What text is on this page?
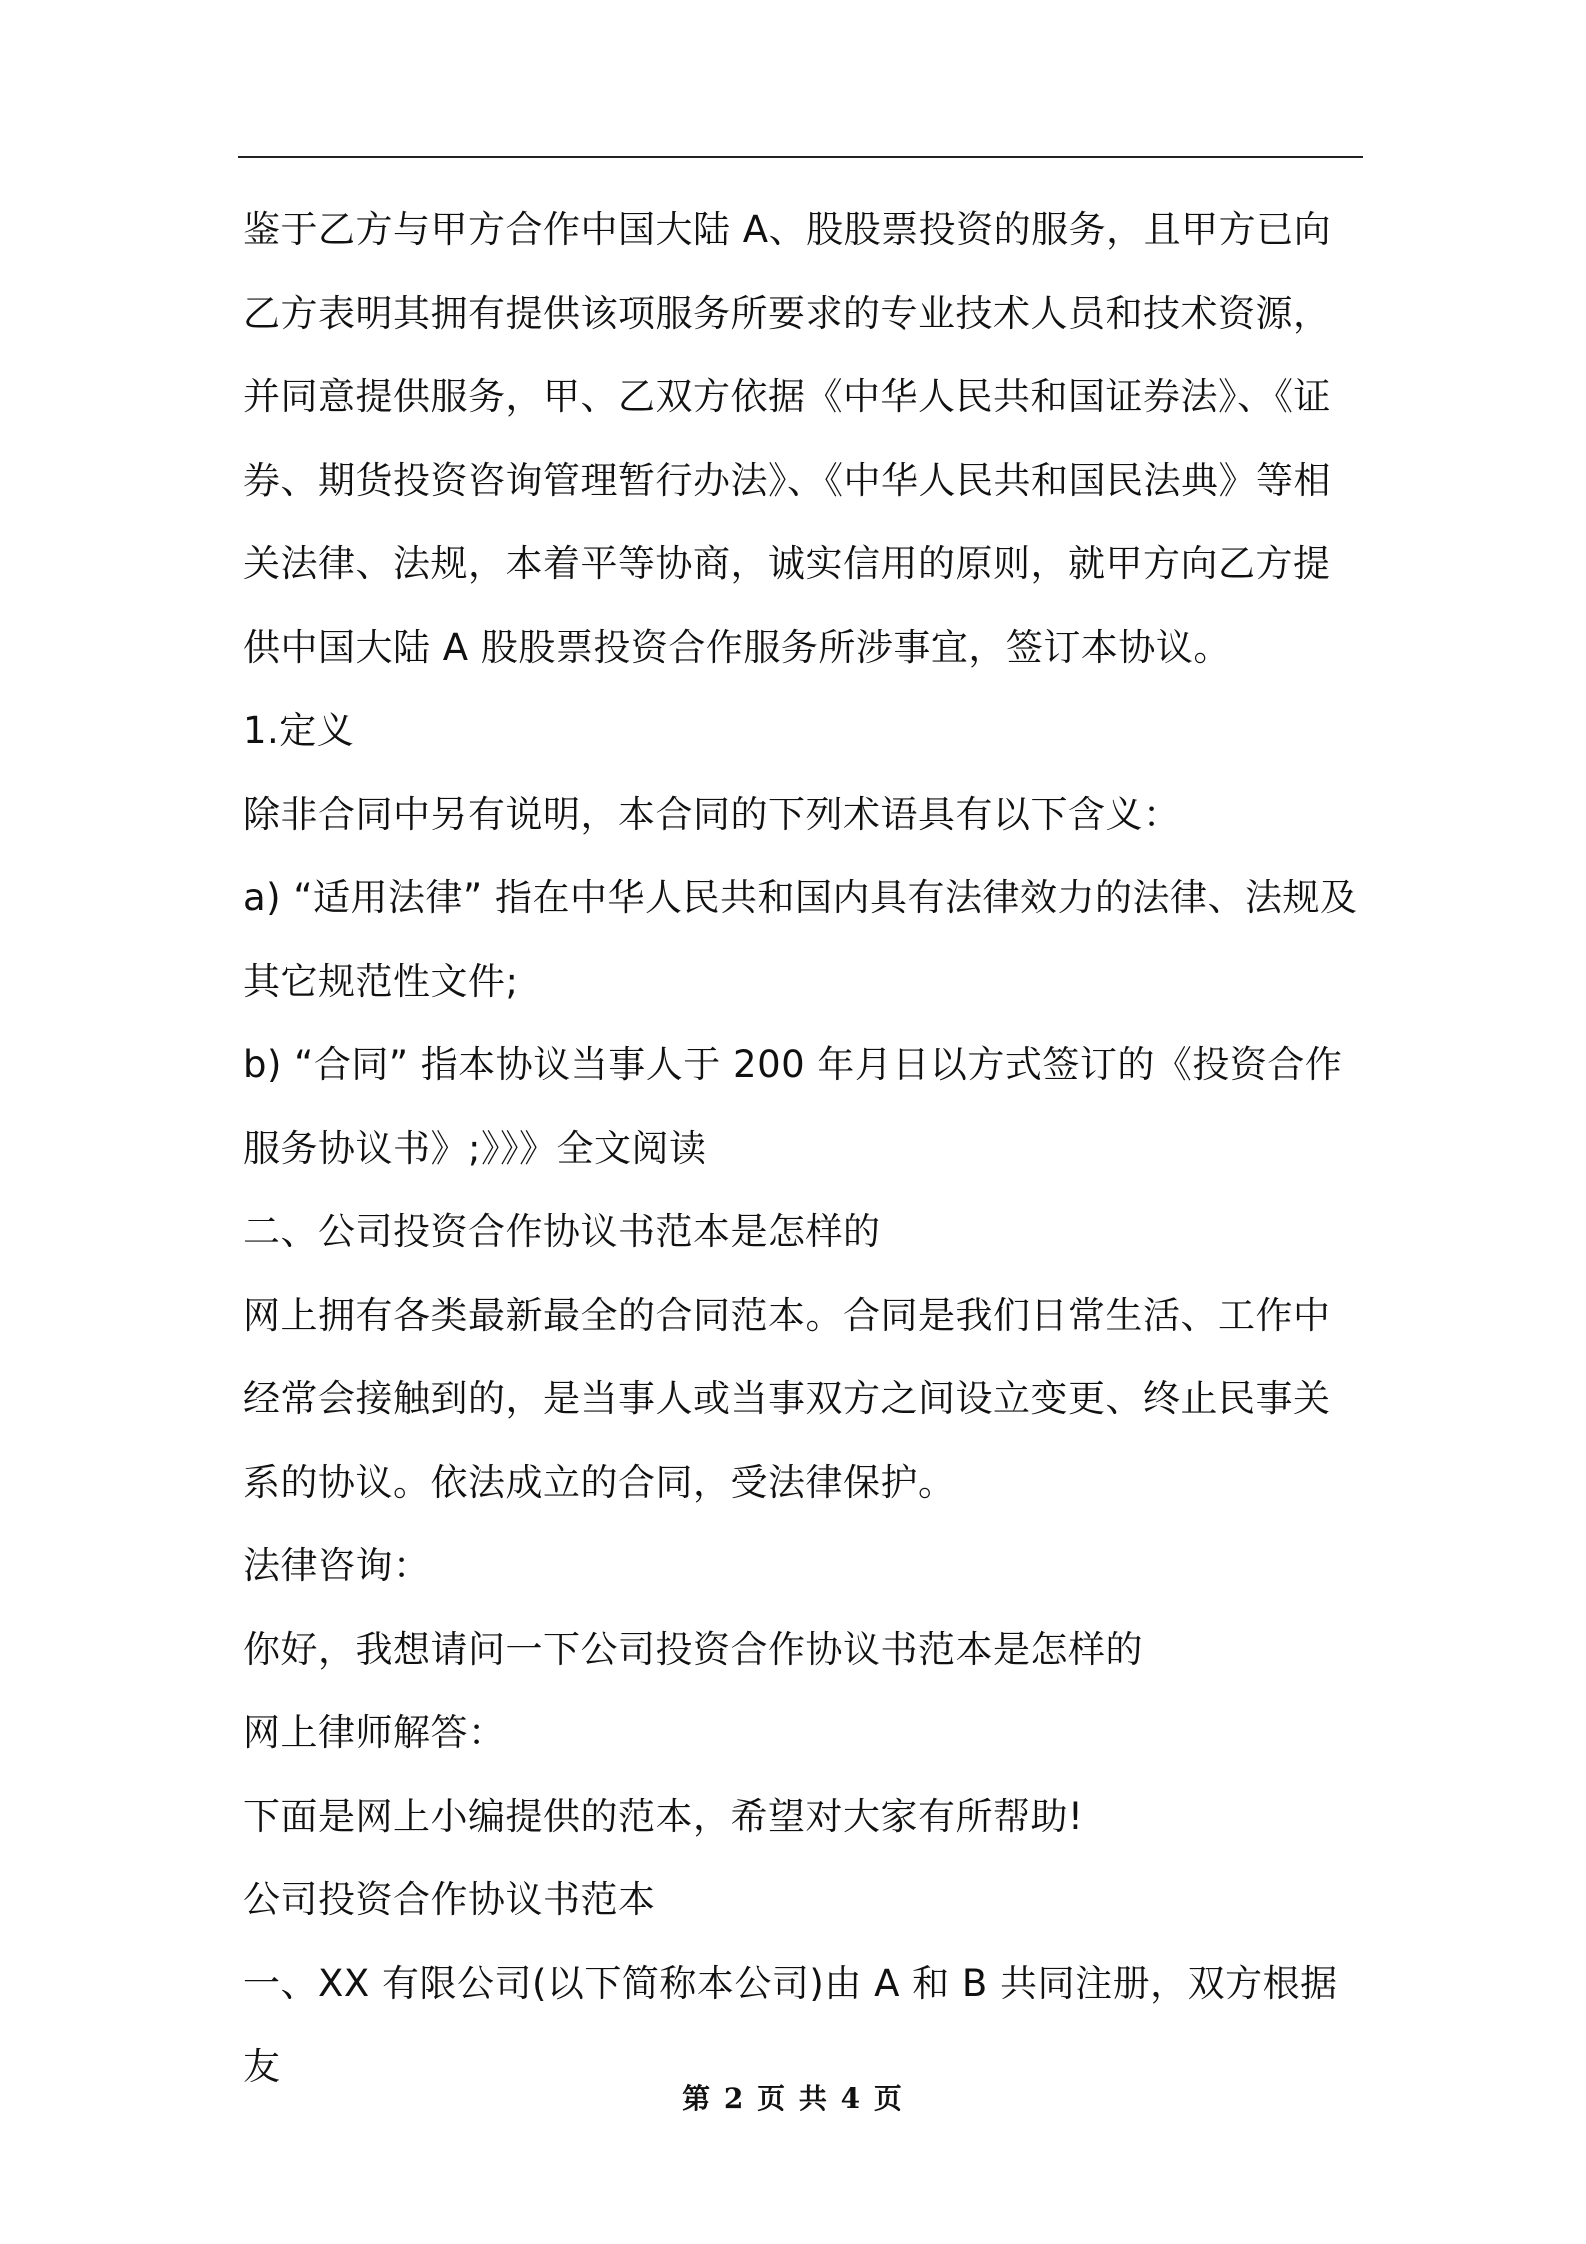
鉴于乙方与甲方合作中国大陆 A、股股票投资的服务，且甲方已向乙方表明其拥有提供该项服务所要求的专业技术人员和技术资源，并同意提供服务，甲、乙双方依据《中华人民共和国证券法》、《证券、期货投资咨询管理暂行办法》、《中华人民共和国民法典》等相关法律、法规，本着平等协商，诚实信用的原则，就甲方向乙方提供中国大陆 A 股股票投资合作服务所涉事宜，签订本协议。

1.定义

除非合同中另有说明，本合同的下列术语具有以下含义：

a) “适用法律” 指在中华人民共和国内具有法律效力的法律、法规及其它规范性文件;

b) “合同” 指本协议当事人于 200 年月日以方式签订的《投资合作服务协议书》;》》》全文阅读

二、公司投资合作协议书范本是怎样的

网上拥有各类最新最全的合同范本。合同是我们日常生活、工作中经常会接触到的，是当事人或当事双方之间设立变更、终止民事关系的协议。依法成立的合同，受法律保护。

法律咨询：

你好，我想请问一下公司投资合作协议书范本是怎样的

网上律师解答：

下面是网上小编提供的范本，希望对大家有所帮助!

公司投资合作协议书范本

一、XX 有限公司(以下简称本公司)由 A 和 B 共同注册，双方根据友

第 2 页 共 4 页
